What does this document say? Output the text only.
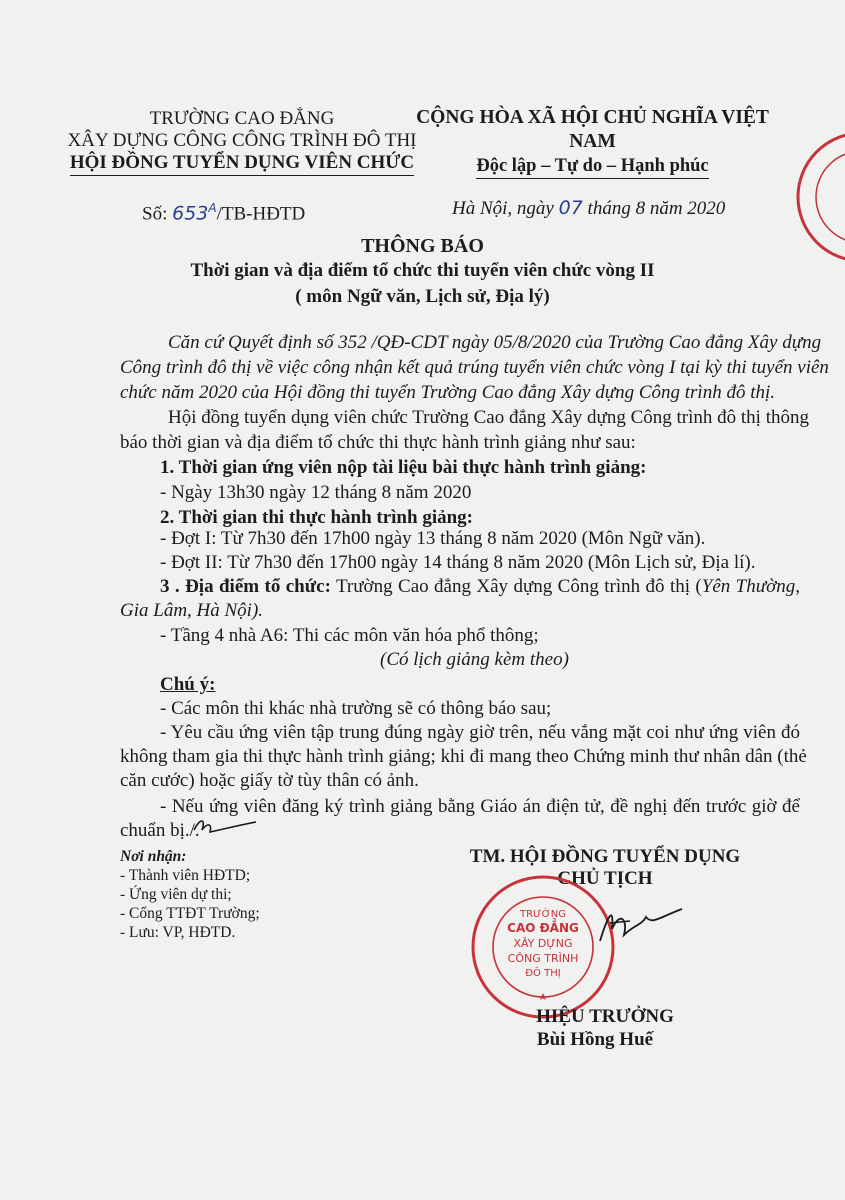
TRƯỜNG CAO ĐẲNG
XÂY DỰNG CÔNG CÔNG TRÌNH ĐÔ THỊ
HỘI ĐỒNG TUYỂN DỤNG VIÊN CHỨC
CỘNG HÒA XÃ HỘI CHỦ NGHĨA VIỆT NAM
Độc lập – Tự do – Hạnh phúc
Số: $653^A/TB$-HĐTD	Hà Nội, ngày 07 tháng 8 năm 2020
THÔNG BÁO
Thời gian và địa điểm tổ chức thi tuyển viên chức vòng II
( môn Ngữ văn, Lịch sử, Địa lý)
Căn cứ Quyết định số 352 /QĐ-CDT ngày 05/8/2020 của Trường Cao đẳng Xây dựng
Công trình đô thị về việc công nhận kết quả trúng tuyển viên chức vòng I tại kỳ thi tuyển viên
chức năm 2020 của Hội đồng thi tuyển Trường Cao đẳng Xây dựng Công trình đô thị.
Hội đồng tuyển dụng viên chức Trường Cao đẳng Xây dựng Công trình đô thị thông
báo thời gian và địa điểm tổ chức thi thực hành trình giảng như sau:
1. Thời gian ứng viên nộp tài liệu bài thực hành trình giảng:
- Ngày 13h30 ngày 12 tháng 8 năm 2020
2. Thời gian thi thực hành trình giảng:
- Đợt I: Từ 7h30 đến 17h00 ngày 13 tháng 8 năm 2020 (Môn Ngữ văn).
- Đợt II: Từ 7h30 đến 17h00 ngày 14 tháng 8 năm 2020 (Môn Lịch sử, Địa lí).
3 . Địa điểm tổ chức: Trường Cao đẳng Xây dựng Công trình đô thị (Yên Thường,
Gia Lâm, Hà Nội).
- Tầng 4 nhà A6: Thi các môn văn hóa phổ thông;
(Có lịch giảng kèm theo)
Chú ý:
- Các môn thi khác nhà trường sẽ có thông báo sau;
- Yêu cầu ứng viên tập trung đúng ngày giờ trên, nếu vắng mặt coi như ứng viên đó
không tham gia thi thực hành trình giảng; khi đi mang theo Chứng minh thư nhân dân (thẻ
căn cước) hoặc giấy tờ tùy thân có ảnh.
- Nếu ứng viên đăng ký trình giảng bằng Giáo án điện tử, đề nghị đến trước giờ để
chuẩn bị./.
Nơi nhận:
- Thành viên HĐTD;
- Ứng viên dự thi;
- Cổng TTĐT Trường;
- Lưu: VP, HĐTD.
TM. HỘI ĐỒNG TUYỂN DỤNG
CHỦ TỊCH
TRƯỜNG
CAO ĐẲNG
XÂY DỰNG
CÔNG TRÌNH
ĐÔ THỊ
HIỆU TRƯỞNG
Bùi Hồng Huế
